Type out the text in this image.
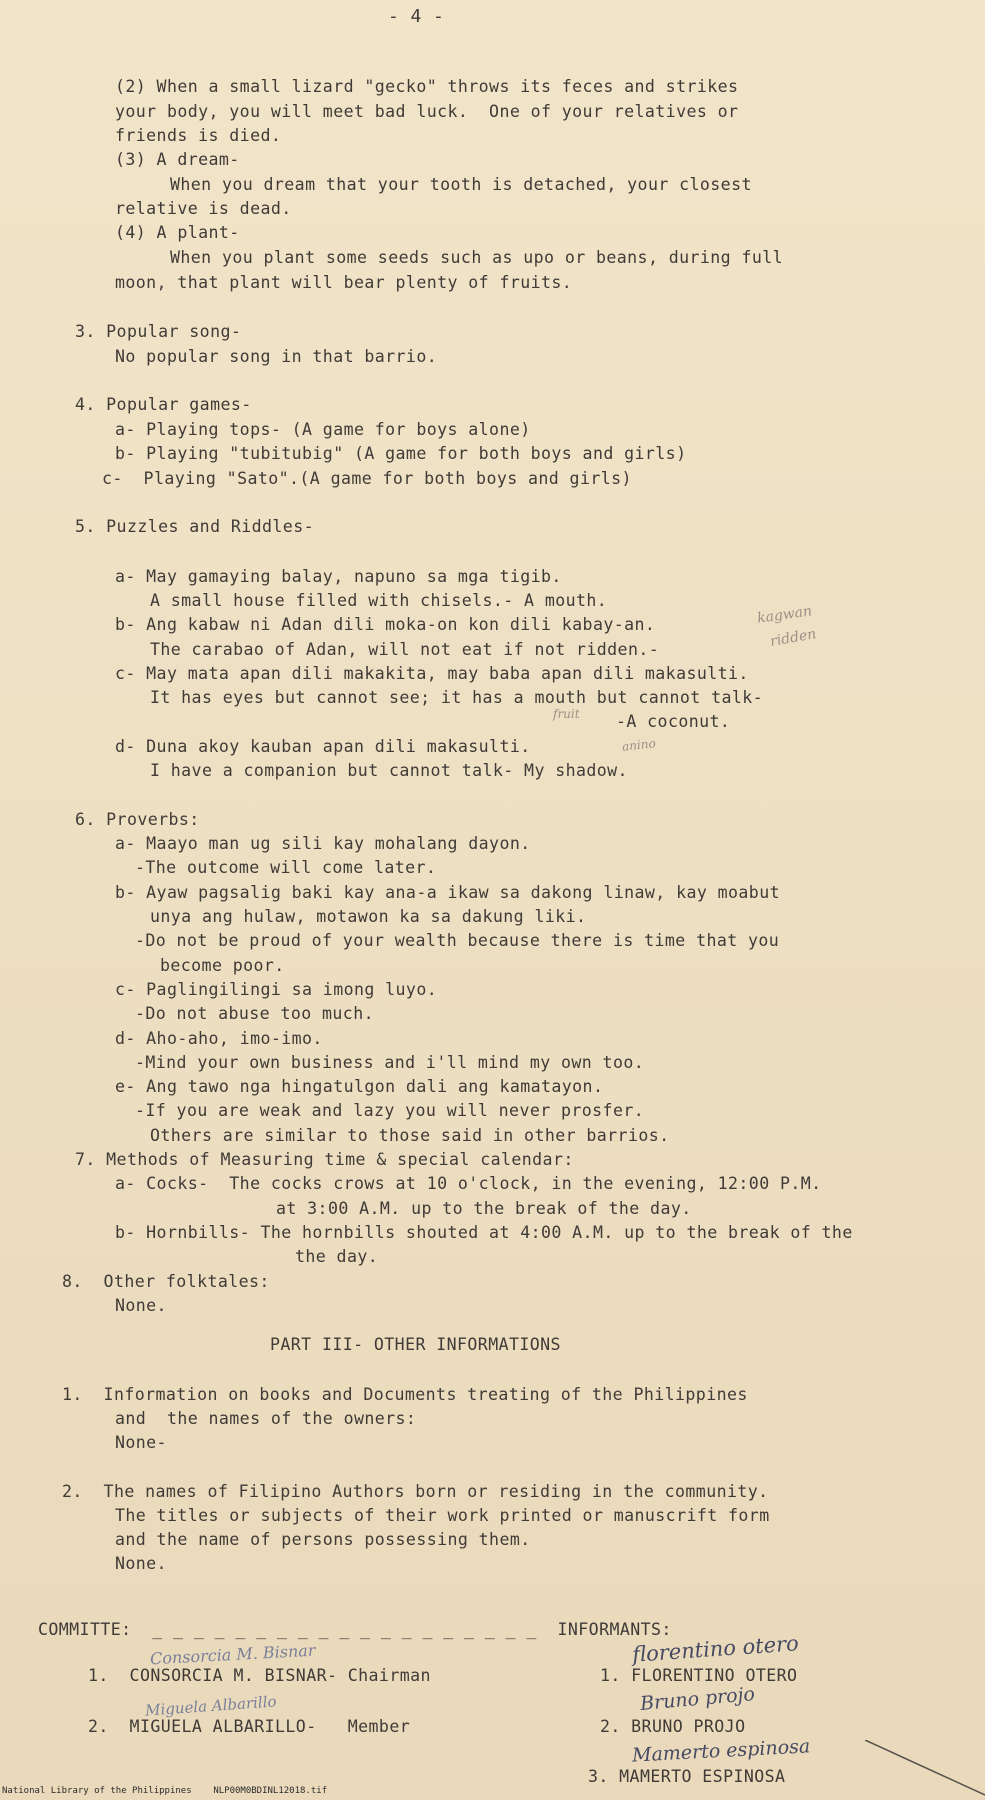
- 4 -
(2) When a small lizard "gecko" throws its feces and strikes
your body, you will meet bad luck.  One of your relatives or
friends is died.
(3) A dream-
When you dream that your tooth is detached, your closest
relative is dead.
(4) A plant-
When you plant some seeds such as upo or beans, during full
moon, that plant will bear plenty of fruits.
3. Popular song-
No popular song in that barrio.
4. Popular games-
a- Playing tops- (A game for boys alone)
b- Playing "tubitubig" (A game for both boys and girls)
c-  Playing "Sato".(A game for both boys and girls)
5. Puzzles and Riddles-
a- May gamaying balay, napuno sa mga tigib.
A small house filled with chisels.- A mouth.
b- Ang kabaw ni Adan dili moka-on kon dili kabay-an.
The carabao of Adan, will not eat if not ridden.-
c- May mata apan dili makakita, may baba apan dili makasulti.
It has eyes but cannot see; it has a mouth but cannot talk-
-A coconut.
d- Duna akoy kauban apan dili makasulti.
I have a companion but cannot talk- My shadow.
kagwan
ridden
fruit
anino
6. Proverbs:
a- Maayo man ug sili kay mohalang dayon.
-The outcome will come later.
b- Ayaw pagsalig baki kay ana-a ikaw sa dakong linaw, kay moabut
unya ang hulaw, motawon ka sa dakung liki.
-Do not be proud of your wealth because there is time that you
become poor.
c- Paglingilingi sa imong luyo.
-Do not abuse too much.
d- Aho-aho, imo-imo.
-Mind your own business and i'll mind my own too.
e- Ang tawo nga hingatulgon dali ang kamatayon.
-If you are weak and lazy you will never prosfer.
Others are similar to those said in other barrios.
7. Methods of Measuring time & special calendar:
a- Cocks-  The cocks crows at 10 o'clock, in the evening, 12:00 P.M.
at 3:00 A.M. up to the break of the day.
b- Hornbills- The hornbills shouted at 4:00 A.M. up to the break of the
the day.
8.  Other folktales:
None.
PART III- OTHER INFORMATIONS
1.  Information on books and Documents treating of the Philippines
and  the names of the owners:
None-
2.  The names of Filipino Authors born or residing in the community.
The titles or subjects of their work printed or manuscrift form
and the name of persons possessing them.
None.
COMMITTE:  _ _ _ _ _ _ _ _ _ _ _ _ _ _ _ _ _ _ _  INFORMANTS:
1.  CONSORCIA M. BISNAR- Chairman
2.  MIGUELA ALBARILLO-   Member
1. FLORENTINO OTERO
2. BRUNO PROJO
3. MAMERTO ESPINOSA
Consorcia M. Bisnar
Miguela Albarillo
florentino otero
Bruno projo
Mamerto espinosa
National Library of the Philippines    NLP00M0BDINL12018.tif
